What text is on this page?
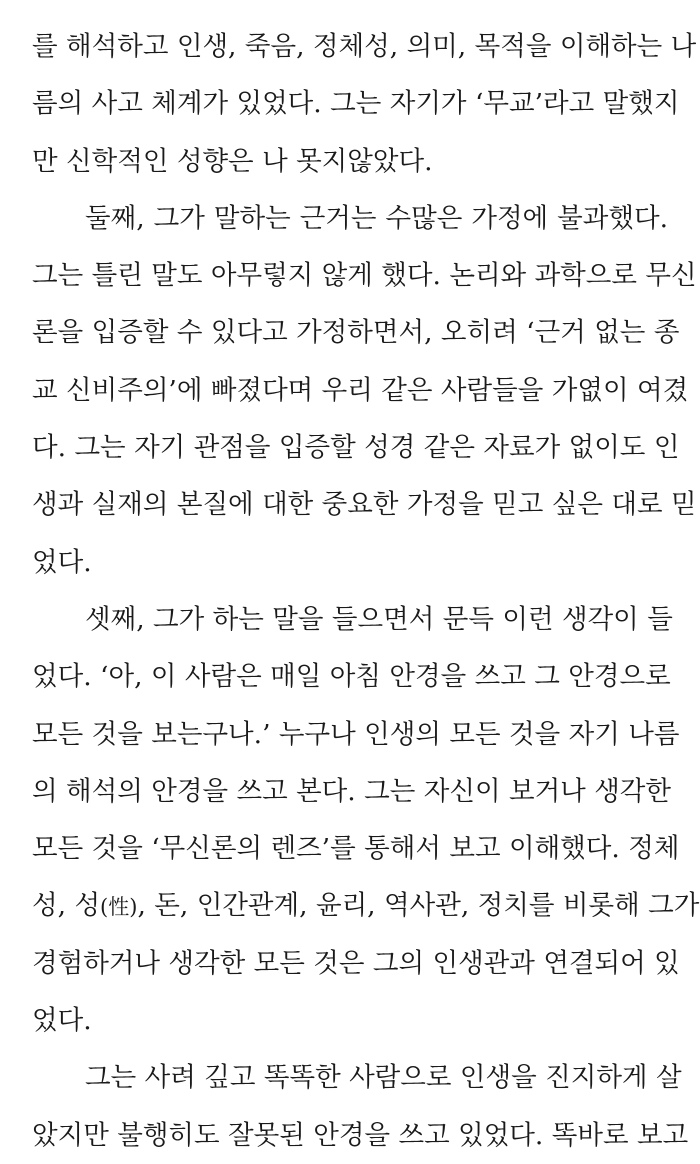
를 해석하고 인생, 죽음, 정체성, 의미, 목적을 이해하는 나
름의 사고 체계가 있었다. 그는 자기가 ‘무교’라고 말했지
만 신학적인 성향은 나 못지않았다.
둘째, 그가 말하는 근거는 수많은 가정에 불과했다.
그는 틀린 말도 아무렇지 않게 했다. 논리와 과학으로 무신
론을 입증할 수 있다고 가정하면서, 오히려 ‘근거 없는 종
교 신비주의’에 빠졌다며 우리 같은 사람들을 가엾이 여겼
다. 그는 자기 관점을 입증할 성경 같은 자료가 없이도 인
생과 실재의 본질에 대한 중요한 가정을 믿고 싶은 대로 믿
었다.
셋째, 그가 하는 말을 들으면서 문득 이런 생각이 들
었다. ‘아, 이 사람은 매일 아침 안경을 쓰고 그 안경으로
모든 것을 보는구나.’ 누구나 인생의 모든 것을 자기 나름
의 해석의 안경을 쓰고 본다. 그는 자신이 보거나 생각한
모든 것을 ‘무신론의 렌즈’를 통해서 보고 이해했다. 정체
성, 성(性), 돈, 인간관계, 윤리, 역사관, 정치를 비롯해 그가
경험하거나 생각한 모든 것은 그의 인생관과 연결되어 있
었다.
그는 사려 깊고 똑똑한 사람으로 인생을 진지하게 살
았지만 불행히도 잘못된 안경을 쓰고 있었다. 똑바로 보고
